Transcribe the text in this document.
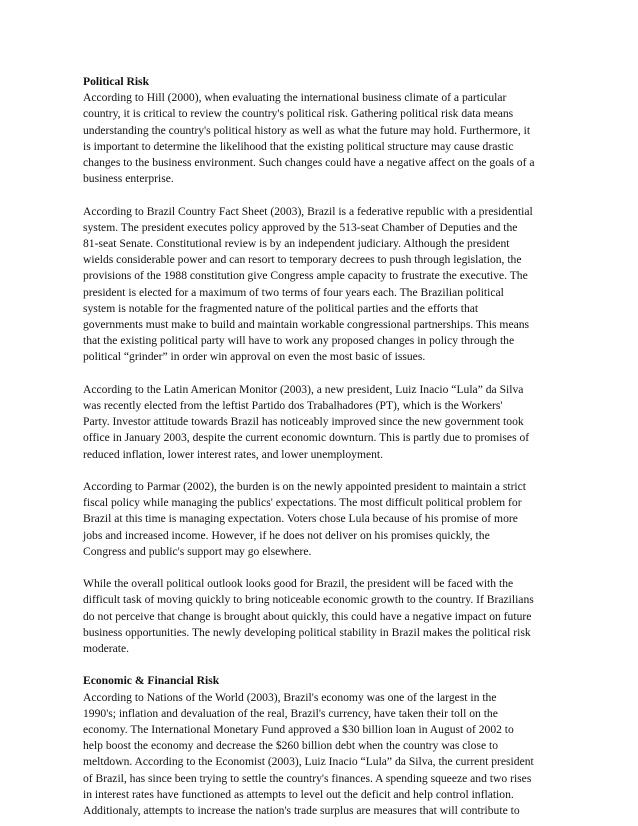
Political Risk

According to Hill (2000), when evaluating the international business climate of a particular

country, it is critical to review the country's political risk. Gathering political risk data means

understanding the country's political history as well as what the future may hold. Furthermore, it

is important to determine the likelihood that the existing political structure may cause drastic

changes to the business environment. Such changes could have a negative affect on the goals of a

business enterprise.

According to Brazil Country Fact Sheet (2003), Brazil is a federative republic with a presidential

system. The president executes policy approved by the 513-seat Chamber of Deputies and the

81-seat Senate. Constitutional review is by an independent judiciary. Although the president

wields considerable power and can resort to temporary decrees to push through legislation, the

provisions of the 1988 constitution give Congress ample capacity to frustrate the executive. The

president is elected for a maximum of two terms of four years each. The Brazilian political

system is notable for the fragmented nature of the political parties and the efforts that

governments must make to build and maintain workable congressional partnerships. This means

that the existing political party will have to work any proposed changes in policy through the

political “grinder” in order win approval on even the most basic of issues.

According to the Latin American Monitor (2003), a new president, Luiz Inacio “Lula” da Silva

was recently elected from the leftist Partido dos Trabalhadores (PT), which is the Workers'

Party. Investor attitude towards Brazil has noticeably improved since the new government took

office in January 2003, despite the current economic downturn. This is partly due to promises of

reduced inflation, lower interest rates, and lower unemployment.

According to Parmar (2002), the burden is on the newly appointed president to maintain a strict

fiscal policy while managing the publics' expectations. The most difficult political problem for

Brazil at this time is managing expectation. Voters chose Lula because of his promise of more

jobs and increased income. However, if he does not deliver on his promises quickly, the

Congress and public's support may go elsewhere.

While the overall political outlook looks good for Brazil, the president will be faced with the

difficult task of moving quickly to bring noticeable economic growth to the country. If Brazilians

do not perceive that change is brought about quickly, this could have a negative impact on future

business opportunities. The newly developing political stability in Brazil makes the political risk

moderate.

Economic & Financial Risk

According to Nations of the World (2003), Brazil's economy was one of the largest in the

1990's; inflation and devaluation of the real, Brazil's currency, have taken their toll on the

economy. The International Monetary Fund approved a $30 billion loan in August of 2002 to

help boost the economy and decrease the $260 billion debt when the country was close to

meltdown. According to the Economist (2003), Luiz Inacio “Lula” da Silva, the current president

of Brazil, has since been trying to settle the country's finances. A spending squeeze and two rises

in interest rates have functioned as attempts to level out the deficit and help control inflation.

Additionaly, attempts to increase the nation's trade surplus are measures that will contribute to
